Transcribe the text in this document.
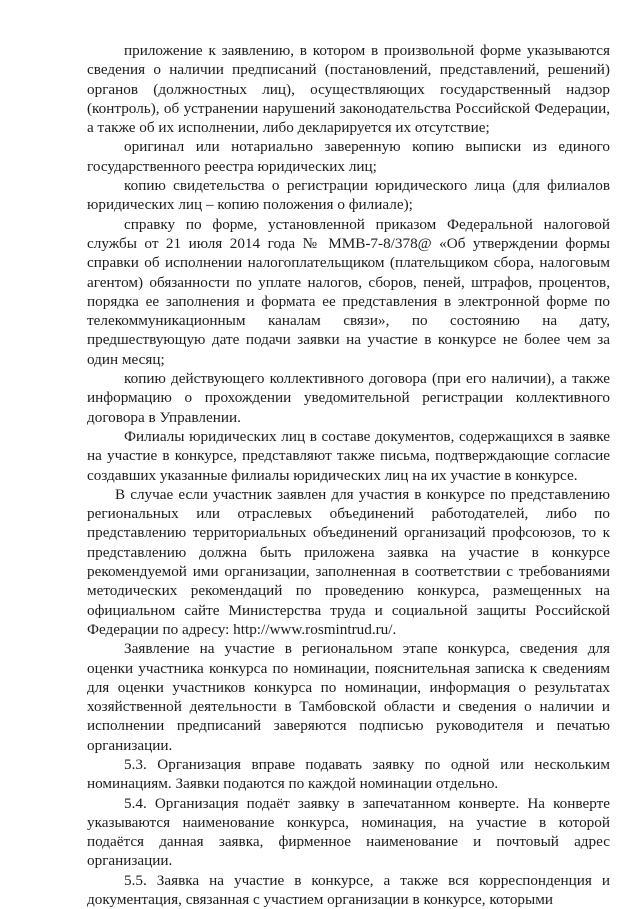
приложение к заявлению, в котором в произвольной форме указываются сведения о наличии предписаний (постановлений, представлений, решений) органов (должностных лиц), осуществляющих государственный надзор (контроль), об устранении нарушений законодательства Российской Федерации, а также об их исполнении, либо декларируется их отсутствие;

оригинал или нотариально заверенную копию выписки из единого государственного реестра юридических лиц;

копию свидетельства о регистрации юридического лица (для филиалов юридических лиц – копию положения о филиале);

справку по форме, установленной приказом Федеральной налоговой службы от 21 июля 2014 года № ММВ-7-8/378@ «Об утверждении формы справки об исполнении налогоплательщиком (плательщиком сбора, налоговым агентом) обязанности по уплате налогов, сборов, пеней, штрафов, процентов, порядка ее заполнения и формата ее представления в электронной форме по телекоммуникационным каналам связи», по состоянию на дату, предшествующую дате подачи заявки на участие в конкурсе не более чем за один месяц;

копию действующего коллективного договора (при его наличии), а также информацию о прохождении уведомительной регистрации коллективного договора в Управлении.

Филиалы юридических лиц в составе документов, содержащихся в заявке на участие в конкурсе, представляют также письма, подтверждающие согласие создавших указанные филиалы юридических лиц на их участие в конкурсе.

В случае если участник заявлен для участия в конкурсе по представлению региональных или отраслевых объединений работодателей, либо по представлению территориальных объединений организаций профсоюзов, то к представлению должна быть приложена заявка на участие в конкурсе рекомендуемой ими организации, заполненная в соответствии с требованиями методических рекомендаций по проведению конкурса, размещенных на официальном сайте Министерства труда и социальной защиты Российской Федерации по адресу: http://www.rosmintrud.ru/.

Заявление на участие в региональном этапе конкурса, сведения для оценки участника конкурса по номинации, пояснительная записка к сведениям для оценки участников конкурса по номинации, информация о результатах хозяйственной деятельности в Тамбовской области и сведения о наличии и исполнении предписаний заверяются подписью руководителя и печатью организации.

5.3. Организация вправе подавать заявку по одной или нескольким номинациям. Заявки подаются по каждой номинации отдельно.

5.4. Организация подаёт заявку в запечатанном конверте. На конверте указываются наименование конкурса, номинация, на участие в которой подаётся данная заявка, фирменное наименование и почтовый адрес организации.

5.5. Заявка на участие в конкурсе, а также вся корреспонденция и документация, связанная с участием организации в конкурсе, которыми
